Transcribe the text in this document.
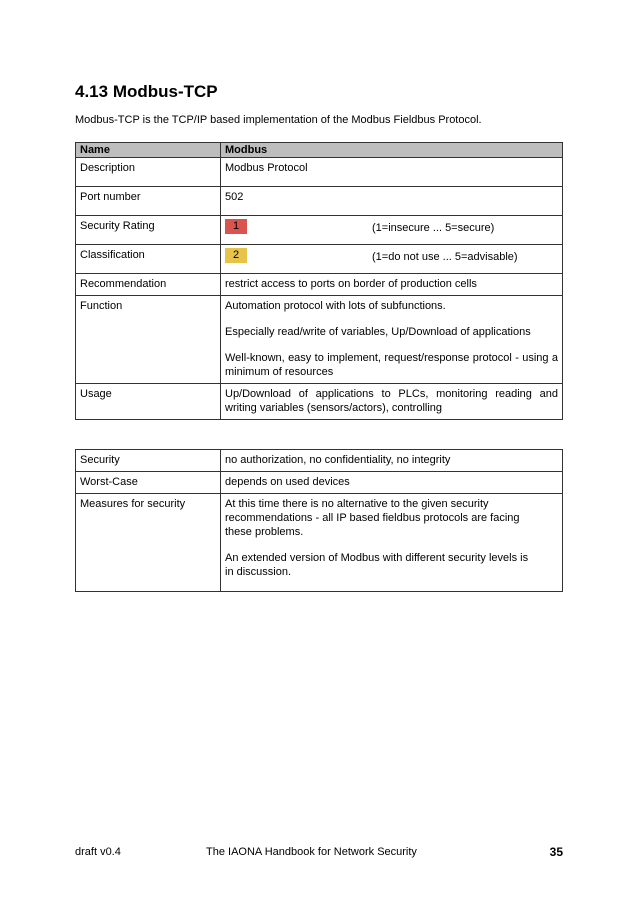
4.13 Modbus-TCP
Modbus-TCP is the TCP/IP based implementation of the Modbus Fieldbus Protocol.
Name	Modbus
Description	Modbus Protocol
Port number	502
Security Rating	1 (1=insecure ... 5=secure)

Classification	2 (1=do not use ... 5=advisable)

Recommendation	restrict access to ports on border of production cells
Function	Automation protocol with lots of subfunctions.

Especially read/write of variables, Up/Download of applications

Well-known, easy to implement, request/response protocol - using a minimum of resources

Usage	Up/Download of applications to PLCs, monitoring reading and writing variables (sensors/actors), controlling
Security	no authorization, no confidentiality, no integrity
Worst-Case	depends on used devices
Measures for security	At this time there is no alternative to the given security recommendations - all IP based fieldbus protocols are facing these problems.

An extended version of Modbus with different security levels is in discussion.

draft v0.4	The IAONA Handbook for Network Security	35
